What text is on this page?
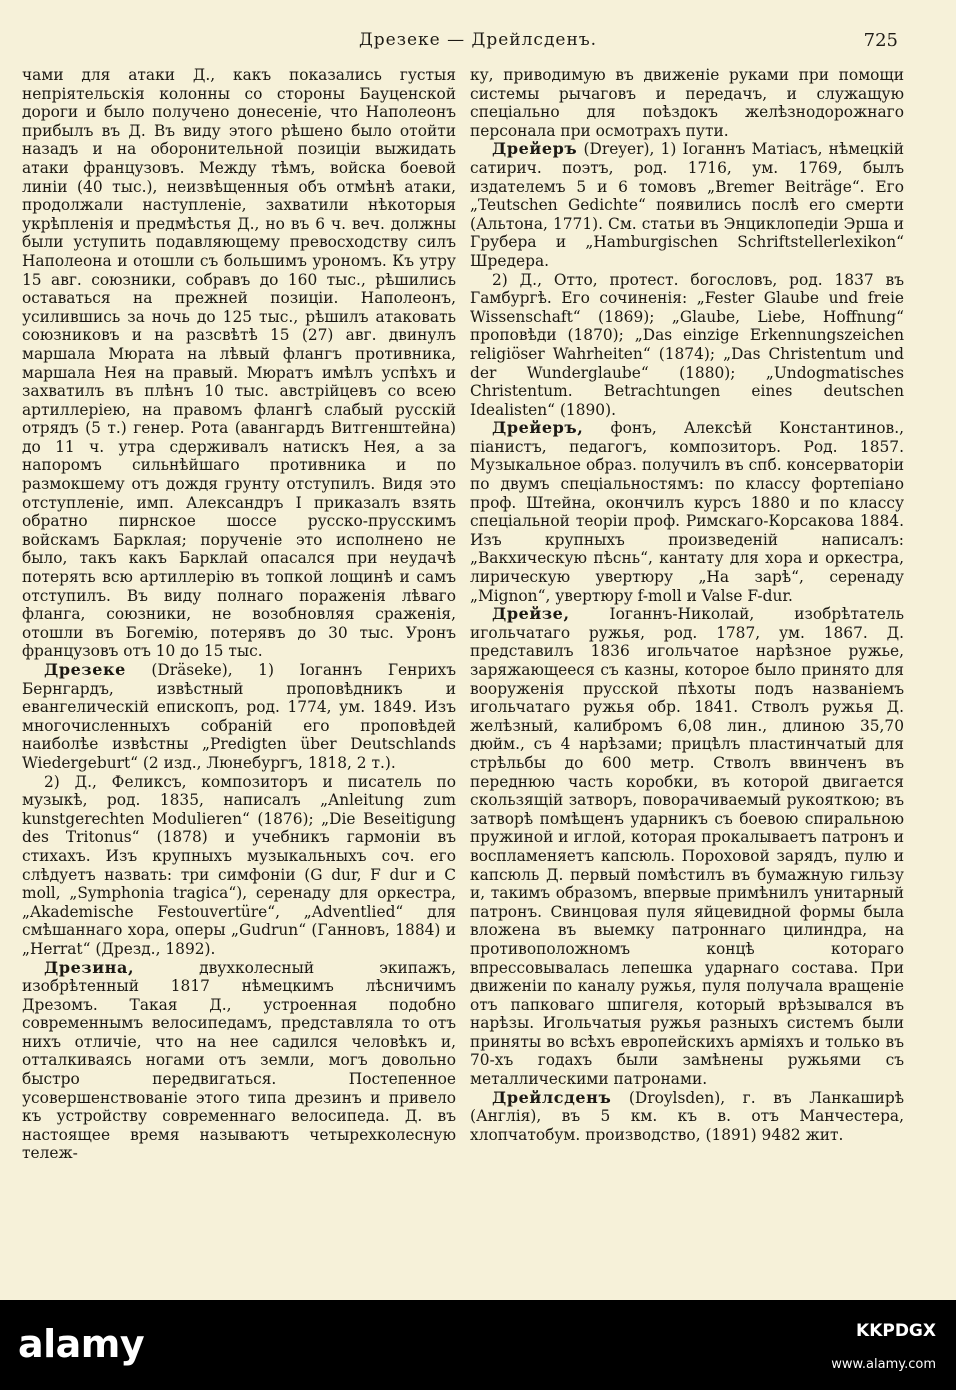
Дрезеке — Дрейлсденъ.	725

чами для атаки Д., какъ показались густыя непріятельскія колонны со стороны Бауценской дороги и было получено донесеніе, что Наполеонъ прибылъ въ Д. Въ виду этого рѣшено было отойти назадъ и на оборонительной позиціи выжидать атаки французовъ. Между тѣмъ, войска боевой линіи (40 тыс.), неизвѣщенныя объ отмѣнѣ атаки, продолжали наступленіе, захватили нѣкоторыя укрѣпленія и предмѣстья Д., но въ 6 ч. веч. должны были уступить подавляющему превосходству силъ Наполеона и отошли съ большимъ урономъ. Къ утру 15 авг. союзники, собравъ до 160 тыс., рѣшились оставаться на прежней позиціи. Наполеонъ, усилившись за ночь до 125 тыс., рѣшилъ атаковать союзниковъ и на разсвѣтѣ 15 (27) авг. двинулъ маршала Мюрата на лѣвый флангъ противника, маршала Нея на правый. Мюратъ имѣлъ успѣхъ и захватилъ въ плѣнъ 10 тыс. австрійцевъ со всею артиллеріею, на правомъ флангѣ слабый русскій отрядъ (5 т.) генер. Рота (авангардъ Витгенштейна) до 11 ч. утра сдерживалъ натискъ Нея, а за напоромъ сильнѣйшаго противника и по размокшему отъ дождя грунту отступилъ. Видя это отступленіе, имп. Александръ I приказалъ взять обратно пирнское шоссе русско-прусскимъ войскамъ Барклая; порученіе это исполнено не было, такъ какъ Барклай опасался при неудачѣ потерять всю артиллерію въ топкой лощинѣ и самъ отступилъ. Въ виду полнаго пораженія лѣваго фланга, союзники, не возобновляя сраженія, отошли въ Богемію, потерявъ до 30 тыс. Уронъ французовъ отъ 10 до 15 тыс.

Дрезеке (Dräseke), 1) Іоганнъ Генрихъ Бернгардъ, извѣстный проповѣдникъ и евангелическій епископъ, род. 1774, ум. 1849. Изъ многочисленныхъ собраній его проповѣдей наиболѣе извѣстны „Predigten über Deutschlands Wiedergeburt“ (2 изд., Люнебургъ, 1818, 2 т.).

2) Д., Феликсъ, композиторъ и писатель по музыкѣ, род. 1835, написалъ „Anleitung zum kunstgerechten Modulieren“ (1876); „Die Beseitigung des Tritonus“ (1878) и учебникъ гармоніи въ стихахъ. Изъ крупныхъ музыкальныхъ соч. его слѣдуетъ назвать: три симфоніи (G dur, F dur и C moll, „Symphonia tragica“), серенаду для оркестра, „Akademische Festouvertüre“, „Adventlied“ для смѣшаннаго хора, оперы „Gudrun“ (Ганновъ, 1884) и „Herrat“ (Дрезд., 1892).

Дрезина, двухколесный экипажъ, изобрѣтенный 1817 нѣмецкимъ лѣсничимъ Дрезомъ. Такая Д., устроенная подобно современнымъ велосипедамъ, представляла то отъ нихъ отличіе, что на нее садился человѣкъ и, отталкиваясь ногами отъ земли, могъ довольно быстро передвигаться. Постепенное усовершенствованіе этого типа дрезинъ и привело къ устройству современнаго велосипеда. Д. въ настоящее время называютъ четырехколесную тележ-

ку, приводимую въ движеніе руками при помощи системы рычаговъ и передачъ, и служащую спеціально для поѣздокъ желѣзнодорожнаго персонала при осмотрахъ пути.

Дрейеръ (Dreyer), 1) Іоганнъ Матіасъ, нѣмецкій сатирич. поэтъ, род. 1716, ум. 1769, былъ издателемъ 5 и 6 томовъ „Bremer Beiträge“. Его „Teutschen Gedichte“ появились послѣ его смерти (Альтона, 1771). См. статьи въ Энциклопедіи Эрша и Грубера и „Hamburgischen Schriftstellerlexikon“ Шредера.

2) Д., Отто, протест. богословъ, род. 1837 въ Гамбургѣ. Его сочиненія: „Fester Glaube und freie Wissenschaft“ (1869); „Glaube, Liebe, Hoffnung“ проповѣди (1870); „Das einzige Erkennungszeichen religiöser Wahrheiten“ (1874); „Das Christentum und der Wunderglaube“ (1880); „Undogmatisches Christentum. Betrachtungen eines deutschen Idealisten“ (1890).

Дрейеръ, фонъ, Алексѣй Константинов., піанистъ, педагогъ, композиторъ. Род. 1857. Музыкальное образ. получилъ въ спб. консерваторіи по двумъ спеціальностямъ: по классу фортепіано проф. Штейна, окончилъ курсъ 1880 и по классу спеціальной теоріи проф. Римскаго-Корсакова 1884. Изъ крупныхъ произведеній написалъ: „Вакхическую пѣснь“, кантату для хора и оркестра, лирическую увертюру „На зарѣ“, серенаду „Mignon“, увертюру f-moll и Valse F-dur.

Дрейзе, Іоганнъ-Николай, изобрѣтатель игольчатаго ружья, род. 1787, ум. 1867. Д. представилъ 1836 игольчатое нарѣзное ружье, заряжающееся съ казны, которое было принято для вооруженія прусской пѣхоты подъ названіемъ игольчатаго ружья обр. 1841. Стволъ ружья Д. желѣзный, калибромъ 6,08 лин., длиною 35,70 дюйм., съ 4 нарѣзами; прицѣлъ пластинчатый для стрѣльбы до 600 метр. Стволъ ввинченъ въ переднюю часть коробки, въ которой двигается скользящій затворъ, поворачиваемый рукояткою; въ затворѣ помѣщенъ ударникъ съ боевою спиральною пружиной и иглой, которая прокалываетъ патронъ и воспламеняетъ капсюль. Пороховой зарядъ, пулю и капсюль Д. первый помѣстилъ въ бумажную гильзу и, такимъ образомъ, впервые примѣнилъ унитарный патронъ. Свинцовая пуля яйцевидной формы была вложена въ выемку патроннаго цилиндра, на противоположномъ концѣ котораго впрессовывалась лепешка ударнаго состава. При движеніи по каналу ружья, пуля получала вращеніе отъ папковаго шпигеля, который врѣзывался въ нарѣзы. Игольчатыя ружья разныхъ системъ были приняты во всѣхъ европейскихъ арміяхъ и только въ 70-хъ годахъ были замѣнены ружьями съ металлическими патронами.

Дрейлсденъ (Droylsden), г. въ Ланкаширѣ (Англія), въ 5 км. къ в. отъ Манчестера, хлопчатобум. производство, (1891) 9482 жит.

alamy	KKPDGX
www.alamy.com
